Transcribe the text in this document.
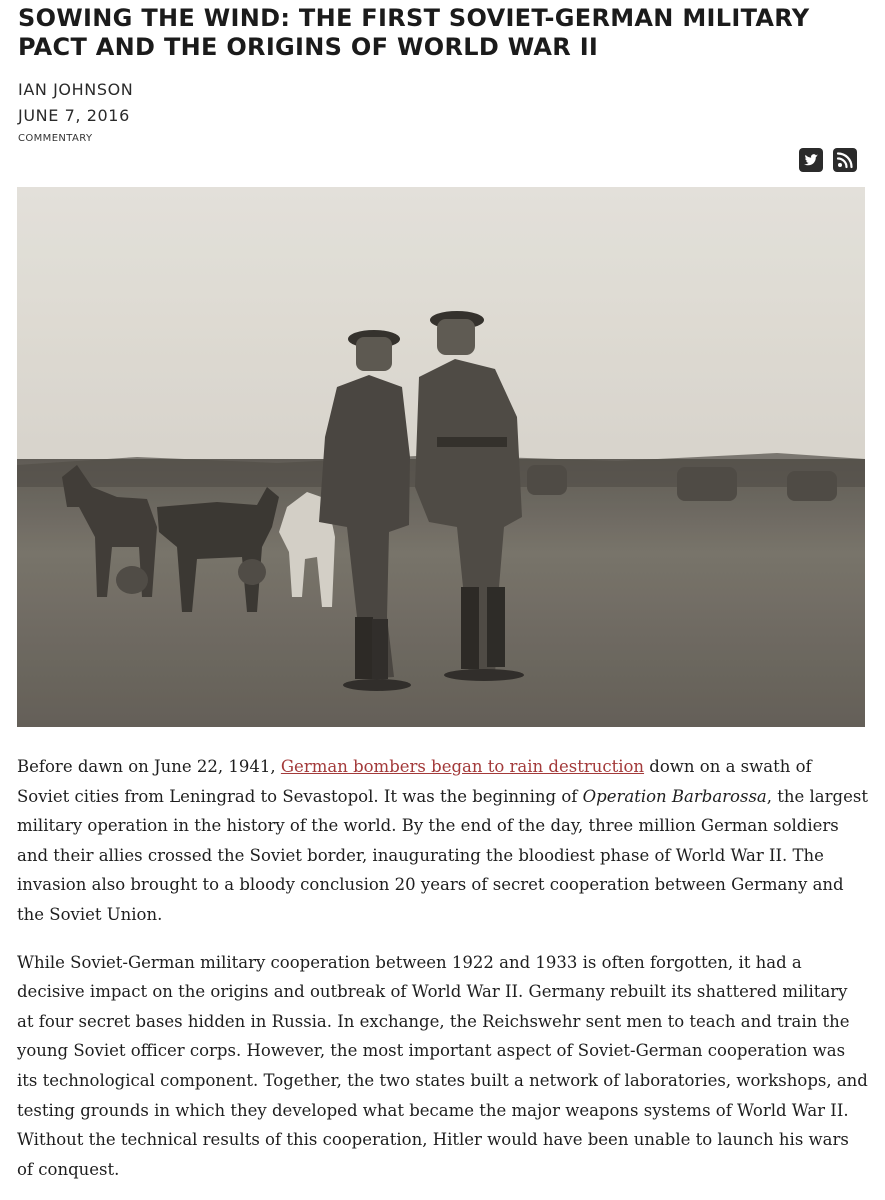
SOWING THE WIND: THE FIRST SOVIET-GERMAN MILITARY PACT AND THE ORIGINS OF WORLD WAR II
IAN JOHNSON
JUNE 7, 2016
COMMENTARY

Before dawn on June 22, 1941, German bombers began to rain destruction down on a swath of Soviet cities from Leningrad to Sevastopol. It was the beginning of Operation Barbarossa, the largest military operation in the history of the world. By the end of the day, three million German soldiers and their allies crossed the Soviet border, inaugurating the bloodiest phase of World War II. The invasion also brought to a bloody conclusion 20 years of secret cooperation between Germany and the Soviet Union.

While Soviet-German military cooperation between 1922 and 1933 is often forgotten, it had a decisive impact on the origins and outbreak of World War II. Germany rebuilt its shattered military at four secret bases hidden in Russia. In exchange, the Reichswehr sent men to teach and train the young Soviet officer corps. However, the most important aspect of Soviet-German cooperation was its technological component. Together, the two states built a network of laboratories, workshops, and testing grounds in which they developed what became the major weapons systems of World War II. Without the technical results of this cooperation, Hitler would have been unable to launch his wars of conquest.
